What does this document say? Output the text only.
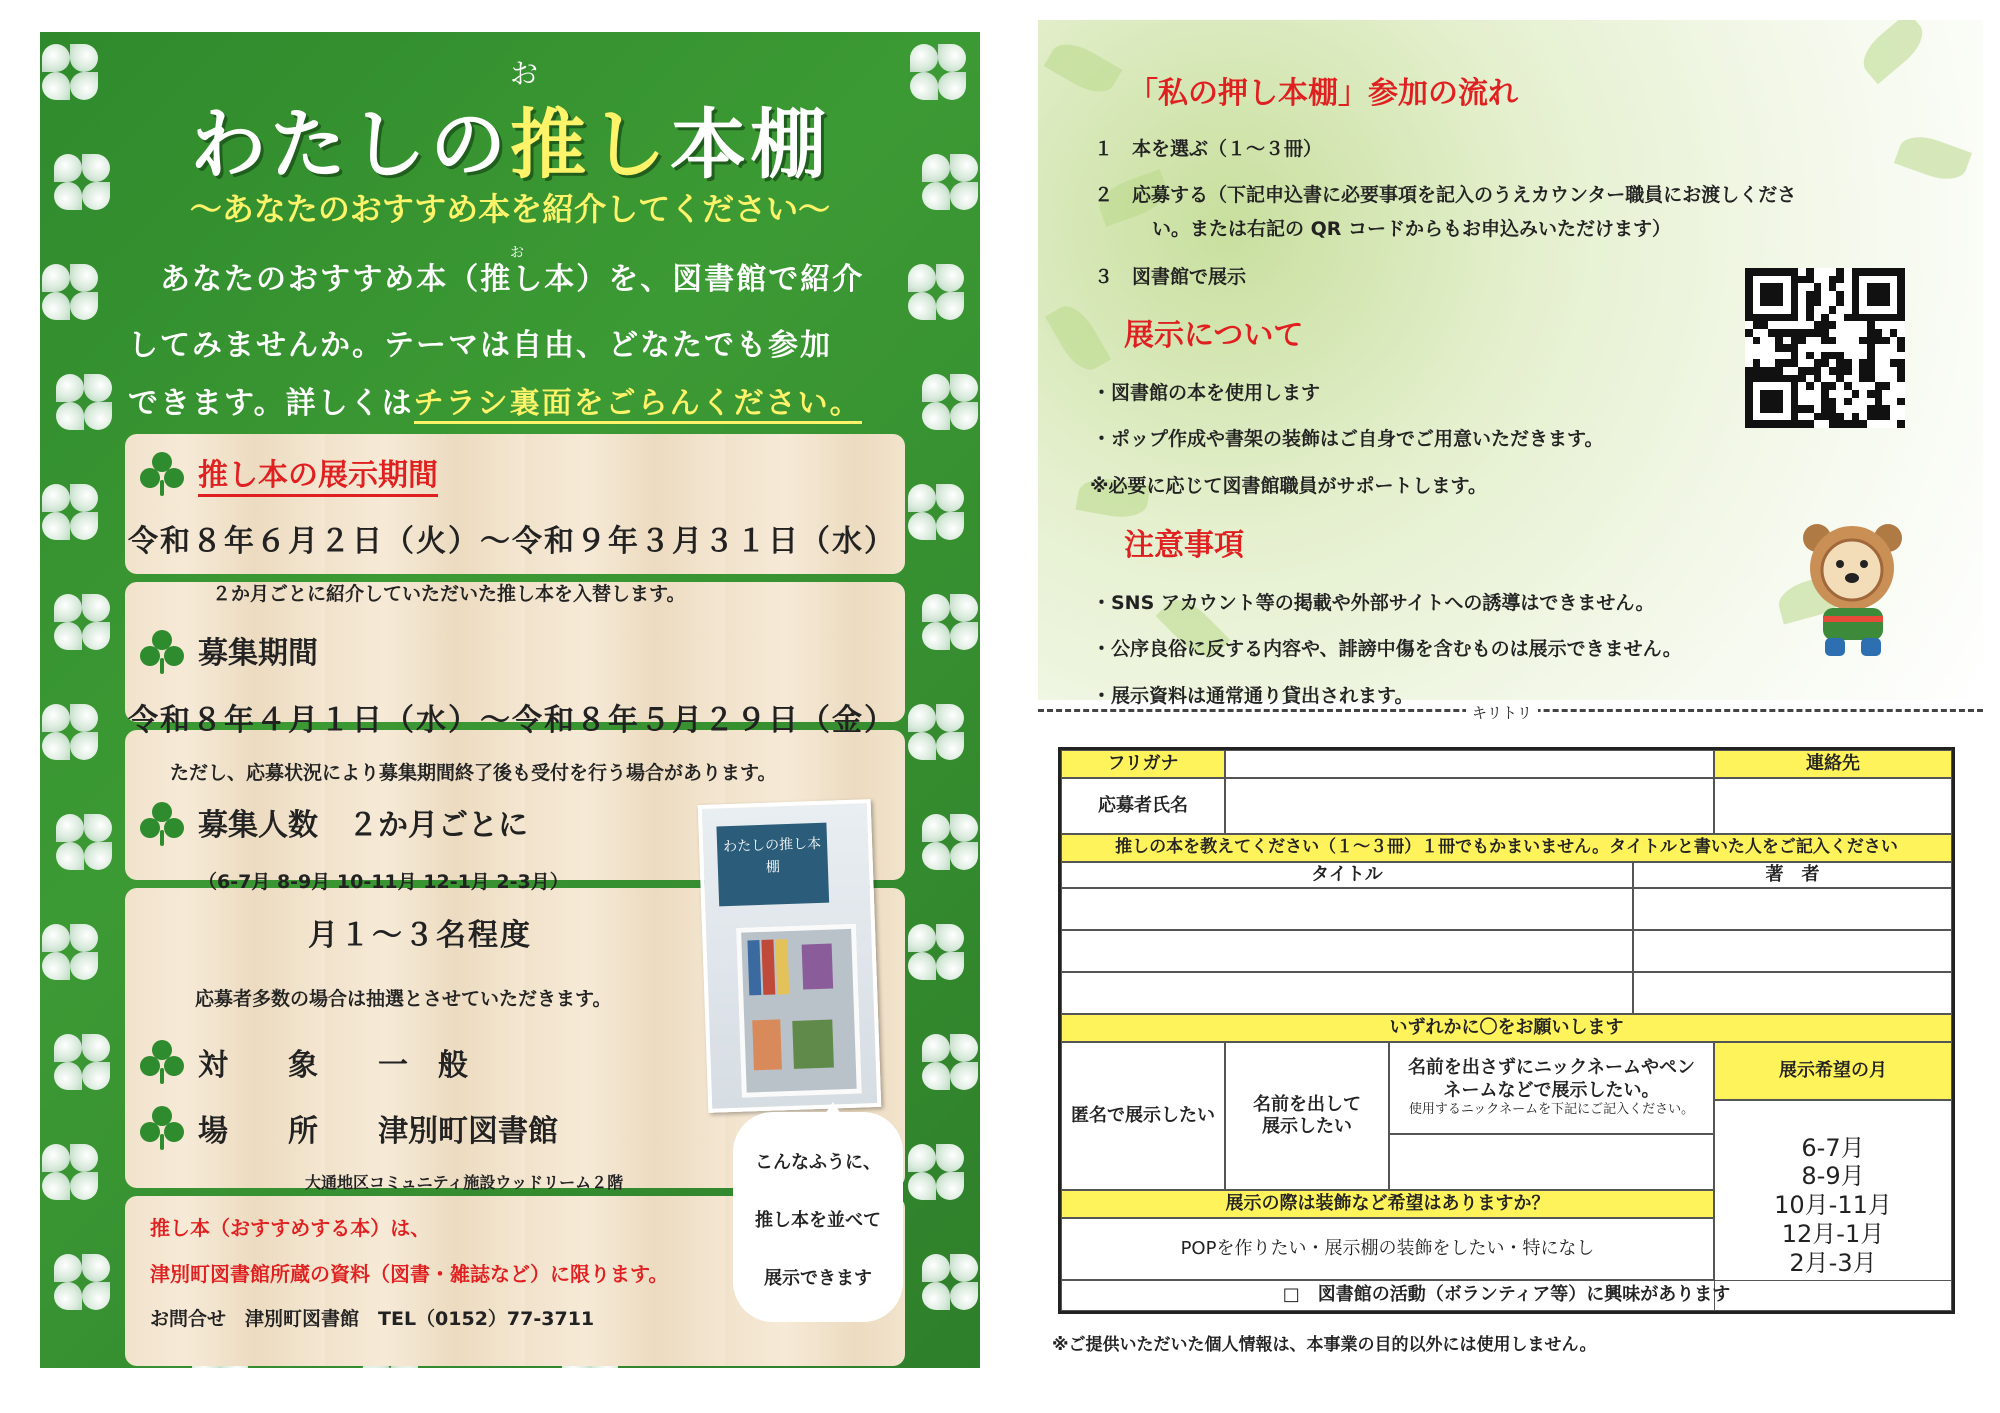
お
わたしの推し本棚
～あなたのおすすめ本を紹介してください～
お
あなたのおすすめ本（推し本）を、図書館で紹介
してみませんか。テーマは自由、どなたでも参加
できます。詳しくはチラシ裏面をごらんください。
推し本の展示期間
令和８年６月２日（火）～令和９年３月３１日（水）
２か月ごとに紹介していただいた推し本を入替します。
募集期間
令和８年４月１日（水）～令和８年５月２９日（金）
ただし、応募状況により募集期間終了後も受付を行う場合があります。
募集人数　２か月ごとに
（6-7月 8-9月 10-11月 12-1月 2-3月）
月１～３名程度
応募者多数の場合は抽選とさせていただきます。
対　　象　　一　般
場　　所　　津別町図書館
大通地区コミュニティ施設ウッドリーム２階
推し本（おすすめする本）は、
津別町図書館所蔵の資料（図書・雑誌など）に限ります。
お問合せ　津別町図書館　TEL（0152）77-3711
わたしの推し本棚
こんなふうに、
推し本を並べて
展示できます
「私の押し本棚」参加の流れ
１　本を選ぶ（１～３冊）
２　応募する（下記申込書に必要事項を記入のうえカウンター職員にお渡しくださ
い。または右記の QR コードからもお申込みいただけます）
３　図書館で展示
展示について
・図書館の本を使用します
・ポップ作成や書架の装飾はご自身でご用意いただきます。
※必要に応じて図書館職員がサポートします。
注意事項
・SNS アカウント等の掲載や外部サイトへの誘導はできません。
・公序良俗に反する内容や、誹謗中傷を含むものは展示できません。
・展示資料は通常通り貸出されます。
キリトリ
フリガナ	連絡先
応募者氏名
推しの本を教えてください（１～３冊）１冊でもかまいません。タイトルと書いた人をご記入ください
タイトル	著　者
いずれかに〇をお願いします
匿名で展示したい
名前を出して展示したい
名前を出さずにニックネームやペンネームなどで展示したい。
使用するニックネームを下記にご記入ください。
展示希望の月
6-7月
8-9月
10月-11月
12月-1月
2月-3月
展示の際は装飾など希望はありますか？
POPを作りたい・展示棚の装飾をしたい・特になし
□　図書館の活動（ボランティア等）に興味があります
※ご提供いただいた個人情報は、本事業の目的以外には使用しません。
